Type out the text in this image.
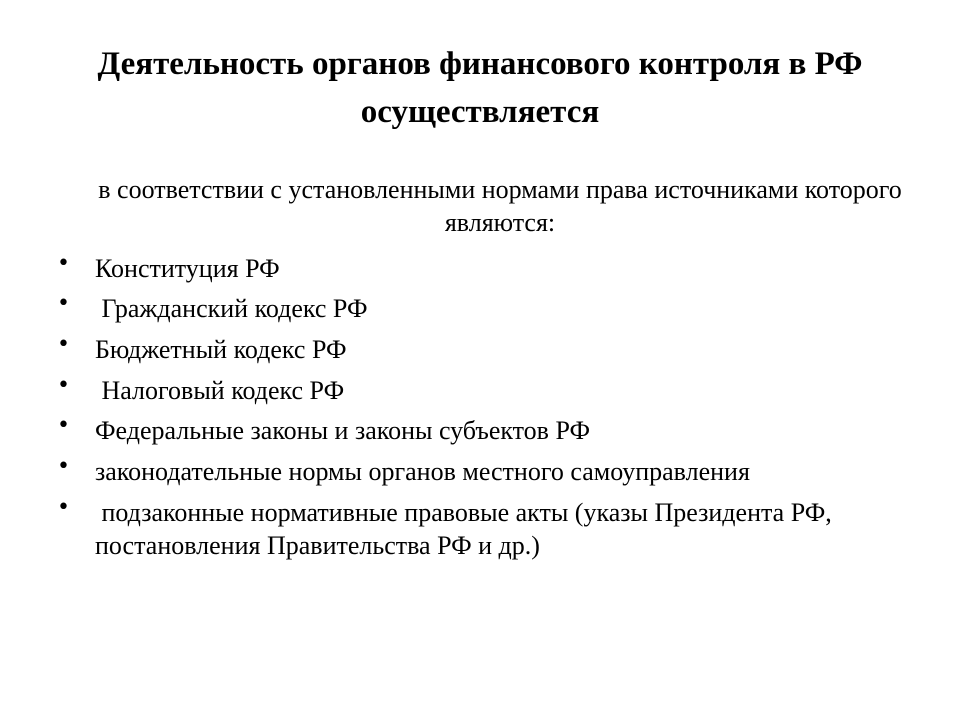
Деятельность органов финансового контроля в РФ осуществляется

в соответствии с установленными нормами права источниками которого являются:

• Конституция РФ
• Гражданский кодекс РФ
• Бюджетный кодекс РФ
• Налоговый кодекс РФ
• Федеральные законы и законы субъектов РФ
• законодательные нормы органов местного самоуправления
• подзаконные нормативные правовые акты (указы Президента РФ, постановления Правительства РФ и др.)
